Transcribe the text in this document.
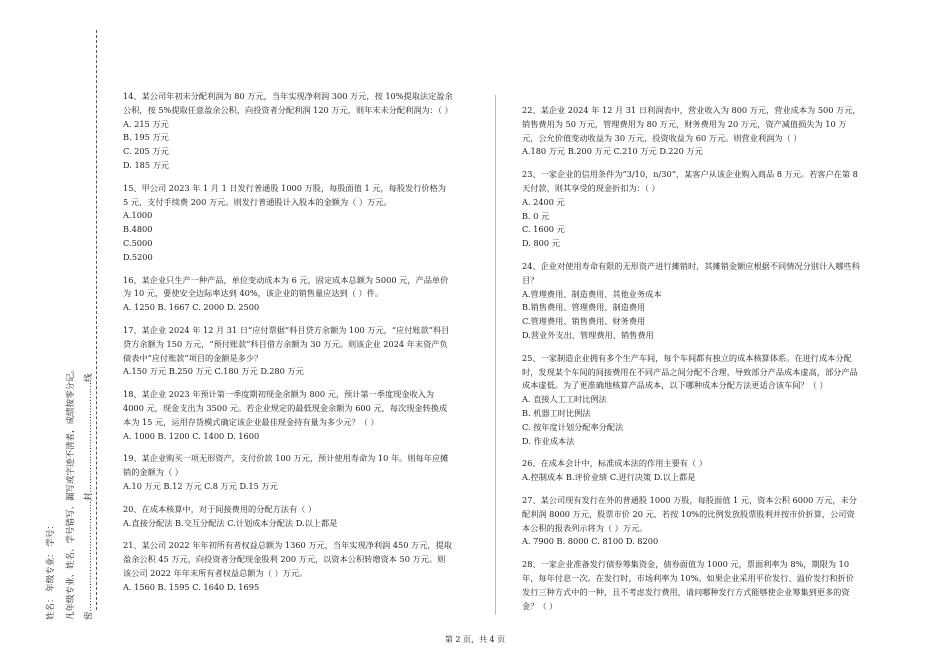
姓名： 年级专业： 学号： 凡年级专业、姓名、学号错写、漏写或字迹不清者，成绩按零分记。 密…………………………………封…………………………………线

14、某公司年初未分配利润为 80 万元，当年实现净利润 300 万元，按 10%提取法定盈余公积，按 5%提取任意盈余公积，向投资者分配利润 120 万元，则年末未分配利润为：（ ）

A. 215 万元

B. 195 万元

C. 205 万元

D. 185 万元

15、甲公司 2023 年 1 月 1 日发行普通股 1000 万股，每股面值 1 元，每股发行价格为 5 元，支付手续费 200 万元。则发行普通股计入股本的金额为（ ）万元。

A.1000

B.4800

C.5000

D.5200

16、某企业只生产一种产品，单位变动成本为 6 元，固定成本总额为 5000 元，产品单价为 10 元，要使安全边际率达到 40%，该企业的销售量应达到（ ）件。

A. 1250 B. 1667 C. 2000 D. 2500

17、某企业 2024 年 12 月 31 日“应付票据”科目贷方余额为 100 万元，“应付账款”科目贷方余额为 150 万元，“预付账款”科目借方余额为 30 万元。则该企业 2024 年末资产负债表中“应付账款”项目的金额是多少？

A.150 万元 B.250 万元 C.180 万元 D.280 万元

18、某企业 2023 年预计第一季度期初现金余额为 800 元，预计第一季度现金收入为 4000 元，现金支出为 3500 元。若企业规定的最低现金余额为 600 元，每次现金转换成本为 15 元，运用存货模式确定该企业最佳现金持有量为多少元？（ ）

A. 1000 B. 1200 C. 1400 D. 1600

19、某企业购买一项无形资产，支付价款 100 万元，预计使用寿命为 10 年。则每年应摊销的金额为（ ）

A.10 万元 B.12 万元 C.8 万元 D.15 万元

20、在成本核算中，对于间接费用的分配方法有（ ）

A.直接分配法 B.交互分配法 C.计划成本分配法 D.以上都是

21、某公司 2022 年年初所有者权益总额为 1360 万元，当年实现净利润 450 万元，提取盈余公积 45 万元，向投资者分配现金股利 200 万元，以资本公积转增资本 50 万元。则该公司 2022 年年末所有者权益总额为（ ）万元。

A. 1560 B. 1595 C. 1640 D. 1695

22、某企业 2024 年 12 月 31 日利润表中，营业收入为 800 万元，营业成本为 500 万元，销售费用为 50 万元，管理费用为 80 万元，财务费用为 20 万元，资产减值损失为 10 万元，公允价值变动收益为 30 万元，投资收益为 60 万元。则营业利润为（ ）

A.180 万元 B.200 万元 C.210 万元 D.220 万元

23、一家企业的信用条件为“3/10，n/30”，某客户从该企业购入商品 8 万元。若客户在第 8 天付款，则其享受的现金折扣为：（ ）

A. 2400 元

B. 0 元

C. 1600 元

D. 800 元

24、企业对使用寿命有限的无形资产进行摊销时，其摊销金额应根据不同情况分别计入哪些科目？

A.管理费用、制造费用、其他业务成本

B.销售费用、管理费用、制造费用

C.管理费用、销售费用、财务费用

D.营业外支出、管理费用、销售费用

25、一家制造企业拥有多个生产车间，每个车间都有独立的成本核算体系。在进行成本分配时，发现某个车间的间接费用在不同产品之间分配不合理，导致部分产品成本虚高，部分产品成本虚低。为了更准确地核算产品成本，以下哪种成本分配方法更适合该车间？（ ）

A. 直接人工工时比例法

B. 机器工时比例法

C. 按年度计划分配率分配法

D. 作业成本法

26、在成本会计中，标准成本法的作用主要有（ ）

A.控制成本 B.评价业绩 C.进行决策 D.以上都是

27、某公司现有发行在外的普通股 1000 万股，每股面值 1 元，资本公积 6000 万元，未分配利润 8000 万元，股票市价 20 元，若按 10%的比例发放股票股利并按市价折算，公司资本公积的报表列示将为（ ）万元。

A. 7900 B. 8000 C. 8100 D. 8200

28、一家企业准备发行债券筹集资金，债券面值为 1000 元，票面利率为 8%，期限为 10 年，每年付息一次。在发行时，市场利率为 10%。如果企业采用平价发行、溢价发行和折价发行三种方式中的一种，且不考虑发行费用，请问哪种发行方式能够使企业筹集到更多的资金？（ ）

第 2 页，共 4 页
